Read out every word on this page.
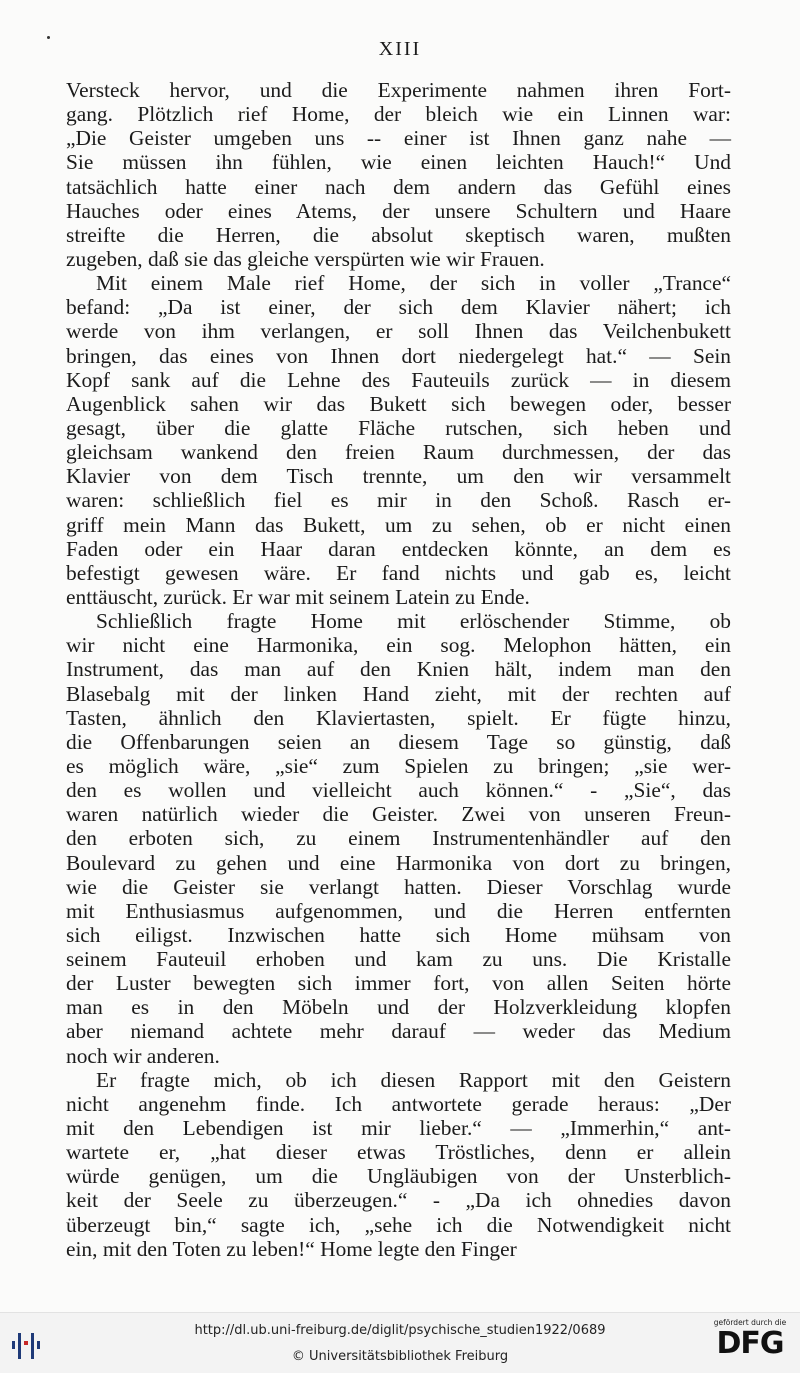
XIII
Versteck hervor, und die Experimente nahmen ihren Fort-
gang. Plötzlich rief Home, der bleich wie ein Linnen war:
„Die Geister umgeben uns -- einer ist Ihnen ganz nahe —
Sie müssen ihn fühlen, wie einen leichten Hauch!“ Und
tatsächlich hatte einer nach dem andern das Gefühl eines
Hauches oder eines Atems, der unsere Schultern und Haare
streifte die Herren, die absolut skeptisch waren, mußten
zugeben, daß sie das gleiche verspürten wie wir Frauen.
Mit einem Male rief Home, der sich in voller „Trance“
befand: „Da ist einer, der sich dem Klavier nähert; ich
werde von ihm verlangen, er soll Ihnen das Veilchenbukett
bringen, das eines von Ihnen dort niedergelegt hat.“ — Sein
Kopf sank auf die Lehne des Fauteuils zurück — in diesem
Augenblick sahen wir das Bukett sich bewegen oder, besser
gesagt, über die glatte Fläche rutschen, sich heben und
gleichsam wankend den freien Raum durchmessen, der das
Klavier von dem Tisch trennte, um den wir versammelt
waren: schließlich fiel es mir in den Schoß. Rasch er-
griff mein Mann das Bukett, um zu sehen, ob er nicht einen
Faden oder ein Haar daran entdecken könnte, an dem es
befestigt gewesen wäre. Er fand nichts und gab es, leicht
enttäuscht, zurück. Er war mit seinem Latein zu Ende.
Schließlich fragte Home mit erlöschender Stimme, ob
wir nicht eine Harmonika, ein sog. Melophon hätten, ein
Instrument, das man auf den Knien hält, indem man den
Blasebalg mit der linken Hand zieht, mit der rechten auf
Tasten, ähnlich den Klaviertasten, spielt. Er fügte hinzu,
die Offenbarungen seien an diesem Tage so günstig, daß
es möglich wäre, „sie“ zum Spielen zu bringen; „sie wer-
den es wollen und vielleicht auch können.“ - „Sie“, das
waren natürlich wieder die Geister. Zwei von unseren Freun-
den erboten sich, zu einem Instrumentenhändler auf den
Boulevard zu gehen und eine Harmonika von dort zu bringen,
wie die Geister sie verlangt hatten. Dieser Vorschlag wurde
mit Enthusiasmus aufgenommen, und die Herren entfernten
sich eiligst. Inzwischen hatte sich Home mühsam von
seinem Fauteuil erhoben und kam zu uns. Die Kristalle
der Luster bewegten sich immer fort, von allen Seiten hörte
man es in den Möbeln und der Holzverkleidung klopfen
aber niemand achtete mehr darauf — weder das Medium
noch wir anderen.
Er fragte mich, ob ich diesen Rapport mit den Geistern
nicht angenehm finde. Ich antwortete gerade heraus: „Der
mit den Lebendigen ist mir lieber.“ — „Immerhin,“ ant-
wartete er, „hat dieser etwas Tröstliches, denn er allein
würde genügen, um die Ungläubigen von der Unsterblich-
keit der Seele zu überzeugen.“ - „Da ich ohnedies davon
überzeugt bin,“ sagte ich, „sehe ich die Notwendigkeit nicht
ein, mit den Toten zu leben!“ Home legte den Finger
http://dl.ub.uni-freiburg.de/diglit/psychische_studien1922/0689
© Universitätsbibliothek Freiburg
gefördert durch die
DFG
